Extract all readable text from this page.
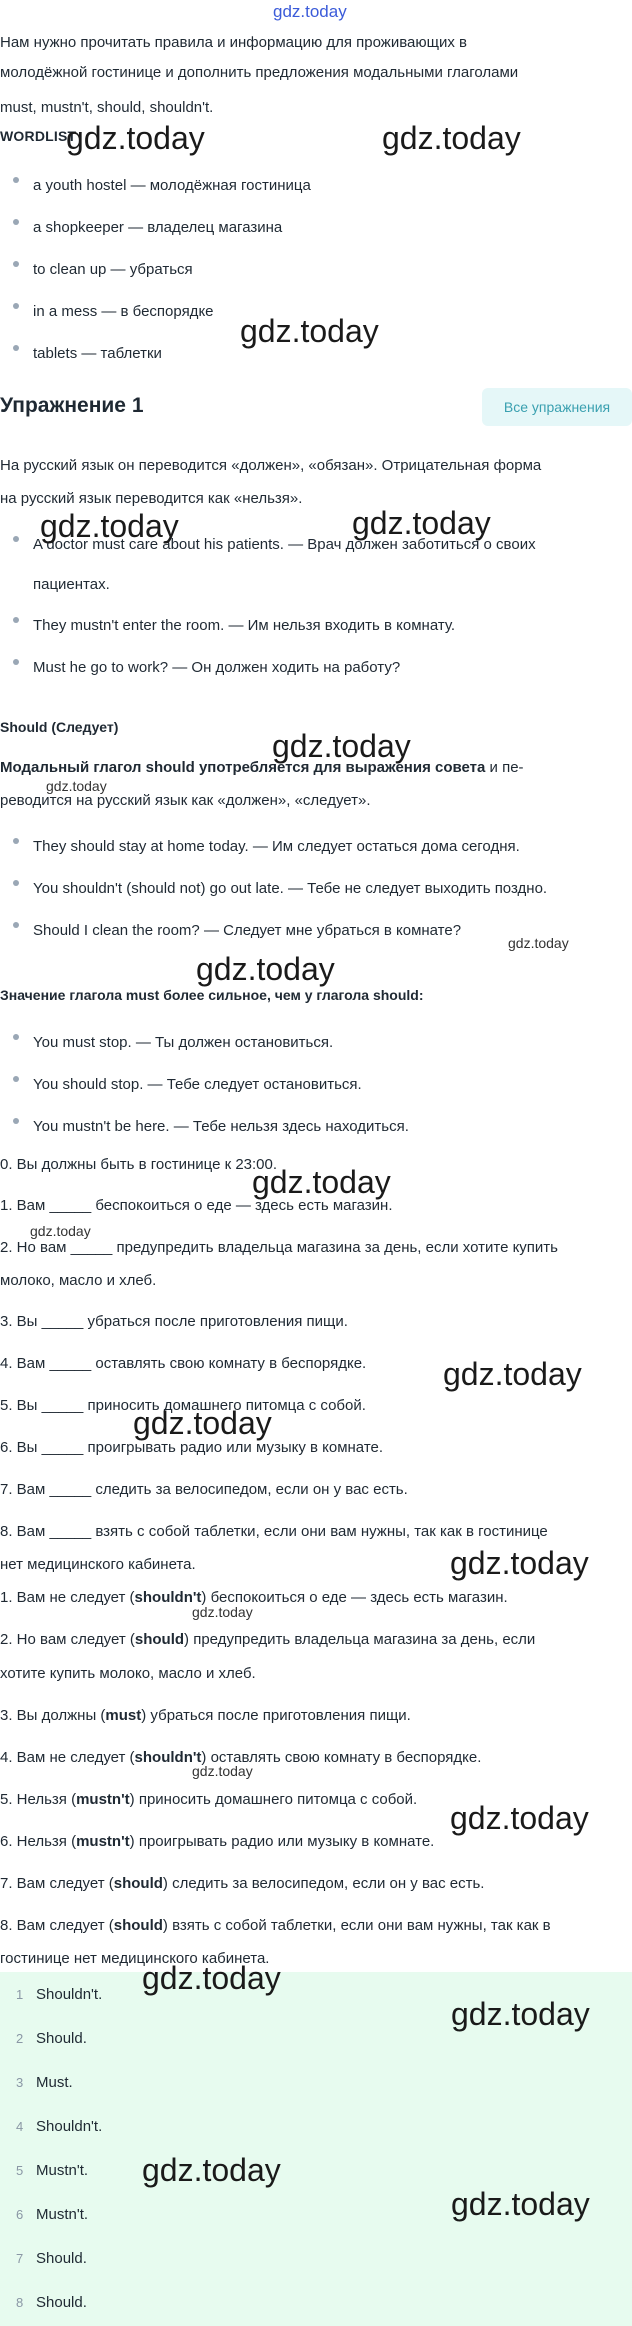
gdz.today
Нам нужно прочитать правила и информацию для проживающих в
молодёжной гостинице и дополнить предложения модальными глаголами
must, mustn't, should, shouldn't.
WORDLIST
a youth hostel — молодёжная гостиница
a shopkeeper — владелец магазина
to clean up — убраться
in a mess — в беспорядке
tablets — таблетки
Упражнение 1	Все упражнения
На русский язык он переводится «должен», «обязан». Отрицательная форма
на русский язык переводится как «нельзя».
A doctor must care about his patients. — Врач должен заботиться о своих
пациентах.
They mustn't enter the room. — Им нельзя входить в комнату.
Must he go to work? — Он должен ходить на работу?
Should (Следует)
Модальный глагол should употребляется для выражения совета и пе-
реводится на русский язык как «должен», «следует».
They should stay at home today. — Им следует остаться дома сегодня.
You shouldn't (should not) go out late. — Тебе не следует выходить поздно.
Should I clean the room? — Следует мне убраться в комнате?
Значение глагола must более сильное, чем у глагола should:
You must stop. — Ты должен остановиться.
You should stop. — Тебе следует остановиться.
You mustn't be here. — Тебе нельзя здесь находиться.
0. Вы должны быть в гостинице к 23:00.
1. Вам _____ беспокоиться о еде — здесь есть магазин.
2. Но вам _____ предупредить владельца магазина за день, если хотите купить
молоко, масло и хлеб.
3. Вы _____ убраться после приготовления пищи.
4. Вам _____ оставлять свою комнату в беспорядке.
5. Вы _____ приносить домашнего питомца с собой.
6. Вы _____ проигрывать радио или музыку в комнате.
7. Вам _____ следить за велосипедом, если он у вас есть.
8. Вам _____ взять с собой таблетки, если они вам нужны, так как в гостинице
нет медицинского кабинета.
1. Вам не следует (shouldn't) беспокоиться о еде — здесь есть магазин.
2. Но вам следует (should) предупредить владельца магазина за день, если
хотите купить молоко, масло и хлеб.
3. Вы должны (must) убраться после приготовления пищи.
4. Вам не следует (shouldn't) оставлять свою комнату в беспорядке.
5. Нельзя (mustn't) приносить домашнего питомца с собой.
6. Нельзя (mustn't) проигрывать радио или музыку в комнате.
7. Вам следует (should) следить за велосипедом, если он у вас есть.
8. Вам следует (should) взять с собой таблетки, если они вам нужны, так как в
гостинице нет медицинского кабинета.
1 Shouldn't.
2 Should.
3 Must.
4 Shouldn't.
5 Mustn't.
6 Mustn't.
7 Should.
8 Should.
gdz.today	gdz.today
gdz.today
gdz.today	gdz.today
gdz.today
gdz.today
gdz.today
gdz.today
gdz.today
gdz.today
gdz.today
gdz.today
gdz.today
gdz.today
gdz.today
gdz.today
gdz.today
gdz.today
gdz.today
gdz.today
